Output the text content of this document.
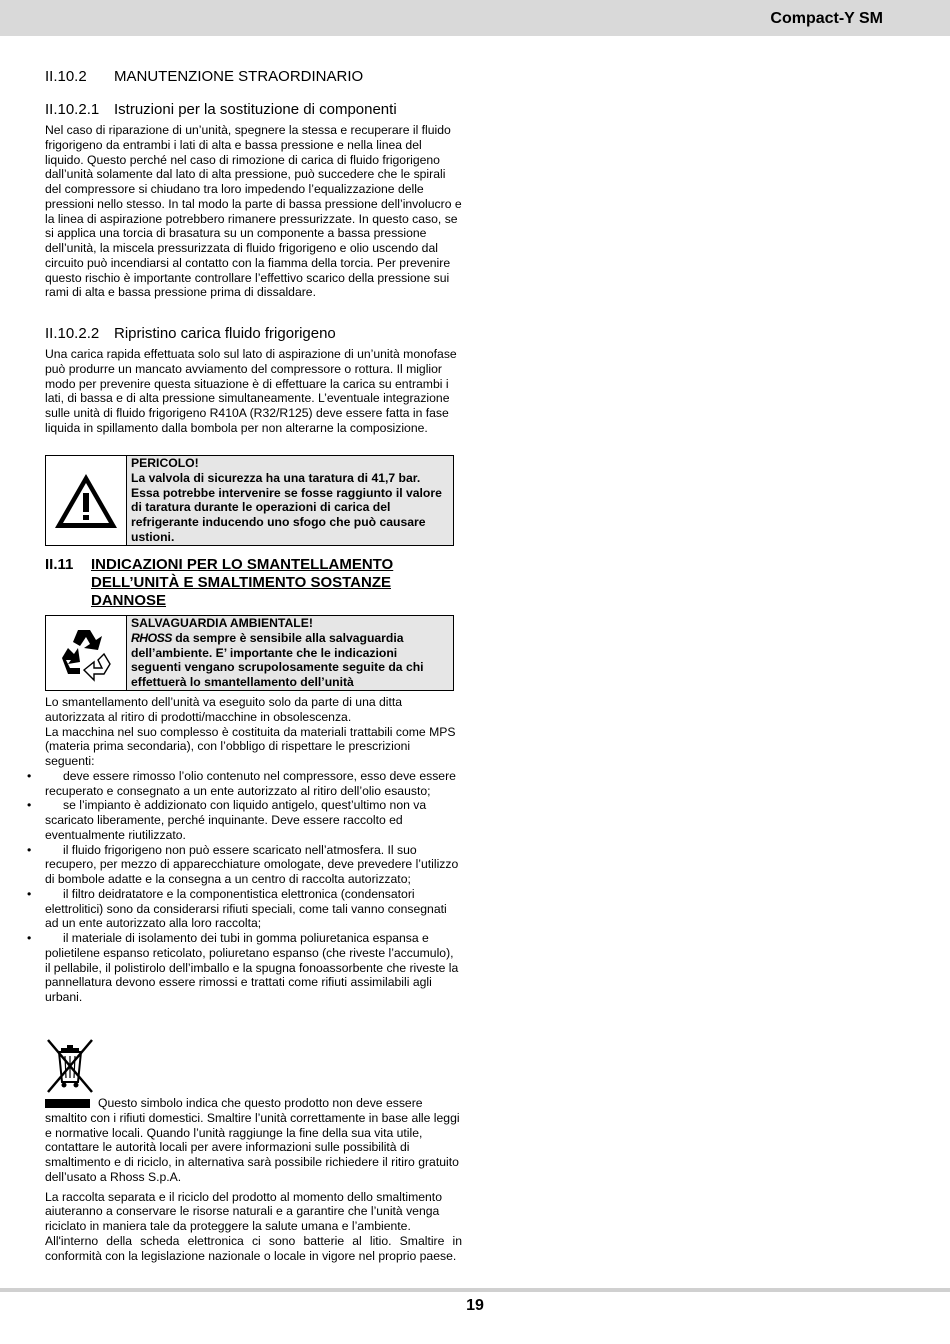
Compact-Y SM
II.10.2 MANUTENZIONE STRAORDINARIO
II.10.2.1 Istruzioni per la sostituzione di componenti

Nel caso di riparazione di un’unità, spegnere la stessa e recuperare il fluido frigorigeno da entrambi i lati di alta e bassa pressione e nella linea del liquido. Questo perché nel caso di rimozione di carica di fluido frigorigeno dall’unità solamente dal lato di alta pressione, può succedere che le spirali del compressore si chiudano tra loro impedendo l’equalizzazione delle pressioni nello stesso. In tal modo la parte di bassa pressione dell’involucro e la linea di aspirazione potrebbero rimanere pressurizzate. In questo caso, se si applica una torcia di brasatura su un componente a bassa pressione dell’unità, la miscela pressurizzata di fluido frigorigeno e olio uscendo dal circuito può incendiarsi al contatto con la fiamma della torcia. Per prevenire questo rischio è importante controllare l’effettivo scarico della pressione sui rami di alta e bassa pressione prima di dissaldare.

II.10.2.2 Ripristino carica fluido frigorigeno

Una carica rapida effettuata solo sul lato di aspirazione di un’unità monofase può produrre un mancato avviamento del compressore o rottura. Il miglior modo per prevenire questa situazione è di effettuare la carica su entrambi i lati, di bassa e di alta pressione simultaneamente. L’eventuale integrazione sulle unità di fluido frigorigeno R410A (R32/R125) deve essere fatta in fase liquida in spillamento dalla bombola per non alterarne la composizione.

PERICOLO!
La valvola di sicurezza ha una taratura di 41,7 bar. Essa potrebbe intervenire se fosse raggiunto il valore di taratura durante le operazioni di carica del refrigerante inducendo uno sfogo che può causare ustioni.
II.11	INDICAZIONI PER LO SMANTELLAMENTO DELL’UNITÀ E SMALTIMENTO SOSTANZE DANNOSE
SALVAGUARDIA AMBIENTALE!
RHOSS da sempre è sensibile alla salvaguardia dell’ambiente. E’ importante che le indicazioni seguenti vengano scrupolosamente seguite da chi effettuerà lo smantellamento dell’unità
Lo smantellamento dell’unità va eseguito solo da parte di una ditta autorizzata al ritiro di prodotti/macchine in obsolescenza.
La macchina nel suo complesso è costituita da materiali trattabili come MPS (materia prima secondaria), con l’obbligo di rispettare le prescrizioni seguenti:
• deve essere rimosso l’olio contenuto nel compressore, esso deve essere recuperato e consegnato a un ente autorizzato al ritiro dell’olio esausto;
• se l’impianto è addizionato con liquido antigelo, quest’ultimo non va scaricato liberamente, perché inquinante. Deve essere raccolto ed eventualmente riutilizzato.
• il fluido frigorigeno non può essere scaricato nell’atmosfera. Il suo recupero, per mezzo di apparecchiature omologate, deve prevedere l’utilizzo di bombole adatte e la consegna a un centro di raccolta autorizzato;
• il filtro deidratatore e la componentistica elettronica (condensatori elettrolitici) sono da considerarsi rifiuti speciali, come tali vanno consegnati ad un ente autorizzato alla loro raccolta;
• il materiale di isolamento dei tubi in gomma poliuretanica espansa e polietilene espanso reticolato, poliuretano espanso (che riveste l’accumulo), il pellabile, il polistirolo dell’imballo e la spugna fonoassorbente che riveste la pannellatura devono essere rimossi e trattati come rifiuti assimilabili agli urbani.
Questo simbolo indica che questo prodotto non deve essere smaltito con i rifiuti domestici. Smaltire l’unità correttamente in base alle leggi e normative locali. Quando l’unità raggiunge la fine della sua vita utile, contattare le autorità locali per avere informazioni sulle possibilità di smaltimento e di riciclo, in alternativa sarà possibile richiedere il ritiro gratuito dell’usato a Rhoss S.p.A.
La raccolta separata e il riciclo del prodotto al momento dello smaltimento aiuteranno a conservare le risorse naturali e a garantire che l’unità venga riciclato in maniera tale da proteggere la salute umana e l’ambiente.
All'interno della scheda elettronica ci sono batterie al litio. Smaltire in conformità con la legislazione nazionale o locale in vigore nel proprio paese.
19
